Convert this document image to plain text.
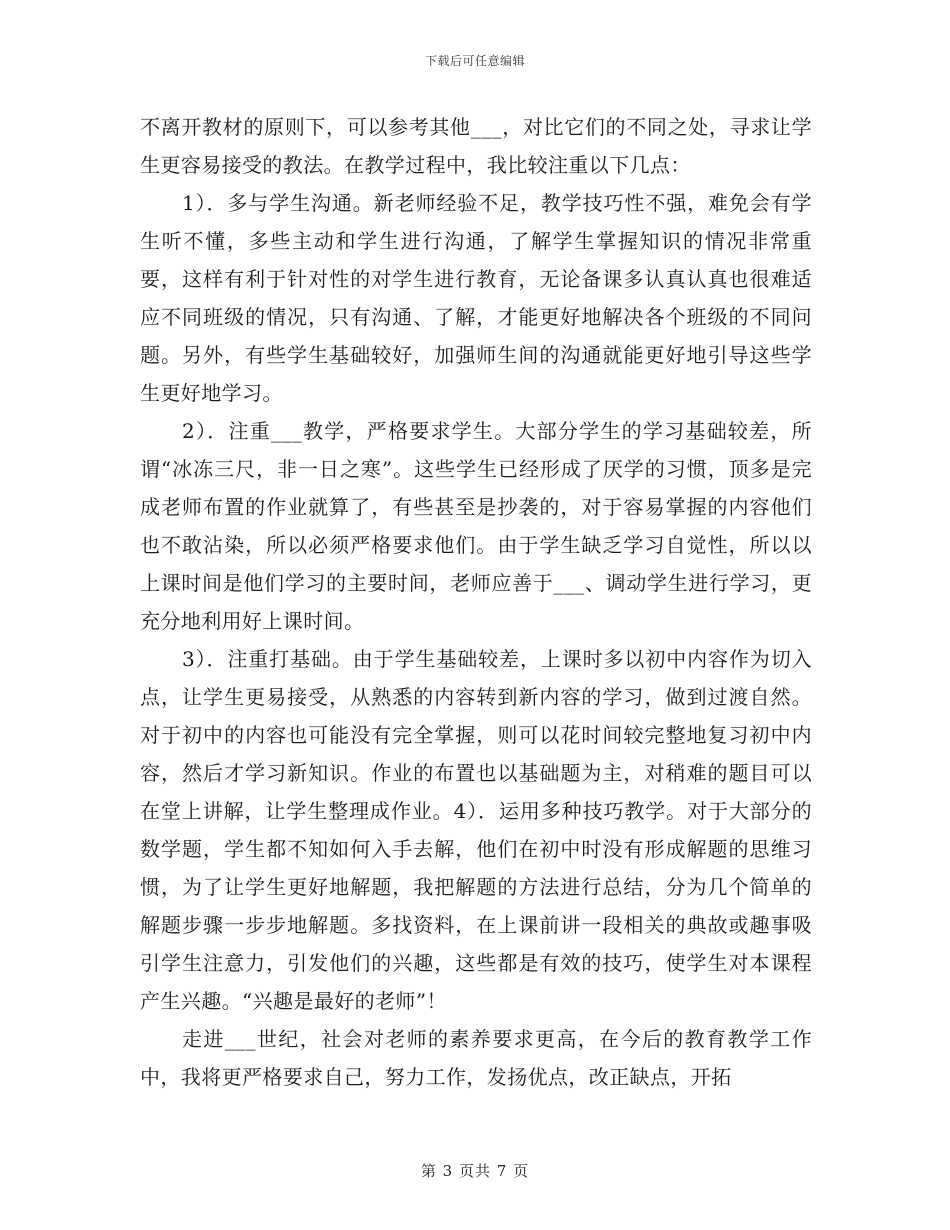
下载后可任意编辑

不离开教材的原则下，可以参考其他___，对比它们的不同之处，寻求让学生更容易接受的教法。在教学过程中，我比较注重以下几点：

1）．多与学生沟通。新老师经验不足，教学技巧性不强，难免会有学生听不懂，多些主动和学生进行沟通，了解学生掌握知识的情况非常重要，这样有利于针对性的对学生进行教育，无论备课多认真认真也很难适应不同班级的情况，只有沟通、了解，才能更好地解决各个班级的不同问题。另外，有些学生基础较好，加强师生间的沟通就能更好地引导这些学生更好地学习。

2）．注重___教学，严格要求学生。大部分学生的学习基础较差，所谓“冰冻三尺，非一日之寒”。这些学生已经形成了厌学的习惯，顶多是完成老师布置的作业就算了，有些甚至是抄袭的，对于容易掌握的内容他们也不敢沾染，所以必须严格要求他们。由于学生缺乏学习自觉性，所以以上课时间是他们学习的主要时间，老师应善于___、调动学生进行学习，更充分地利用好上课时间。

3）．注重打基础。由于学生基础较差，上课时多以初中内容作为切入点，让学生更易接受，从熟悉的内容转到新内容的学习，做到过渡自然。对于初中的内容也可能没有完全掌握，则可以花时间较完整地复习初中内容，然后才学习新知识。作业的布置也以基础题为主，对稍难的题目可以在堂上讲解，让学生整理成作业。4）．运用多种技巧教学。对于大部分的数学题，学生都不知如何入手去解，他们在初中时没有形成解题的思维习惯，为了让学生更好地解题，我把解题的方法进行总结，分为几个简单的解题步骤一步步地解题。多找资料，在上课前讲一段相关的典故或趣事吸引学生注意力，引发他们的兴趣，这些都是有效的技巧，使学生对本课程产生兴趣。“兴趣是最好的老师”！

走进___世纪，社会对老师的素养要求更高，在今后的教育教学工作中，我将更严格要求自己，努力工作，发扬优点，改正缺点，开拓

第 3 页共 7 页
